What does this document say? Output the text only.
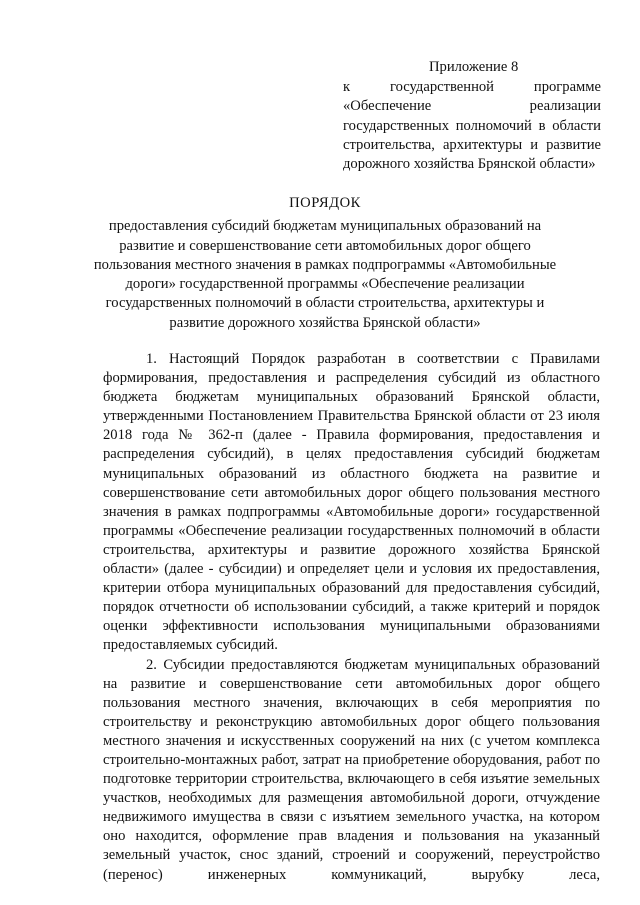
Приложение 8
к государственной программе «Обеспечение реализации государственных полномочий в области строительства, архитектуры и развитие дорожного хозяйства Брянской области»
ПОРЯДОК

предоставления субсидий бюджетам муниципальных образований на развитие и совершенствование сети автомобильных дорог общего пользования местного значения в рамках подпрограммы «Автомобильные дороги» государственной программы «Обеспечение реализации государственных полномочий в области строительства, архитектуры и развитие дорожного хозяйства Брянской области»

1. Настоящий Порядок разработан в соответствии с Правилами формирования, предоставления и распределения субсидий из областного бюджета бюджетам муниципальных образований Брянской области, утвержденными Постановлением Правительства Брянской области от 23 июля 2018 года № 362-п (далее - Правила формирования, предоставления и распределения субсидий), в целях предоставления субсидий бюджетам муниципальных образований из областного бюджета на развитие и совершенствование сети автомобильных дорог общего пользования местного значения в рамках подпрограммы «Автомобильные дороги» государственной программы «Обеспечение реализации государственных полномочий в области строительства, архитектуры и развитие дорожного хозяйства Брянской области» (далее - субсидии) и определяет цели и условия их предоставления, критерии отбора муниципальных образований для предоставления субсидий, порядок отчетности об использовании субсидий, а также критерий и порядок оценки эффективности использования муниципальными образованиями предоставляемых субсидий.

2. Субсидии предоставляются бюджетам муниципальных образований на развитие и совершенствование сети автомобильных дорог общего пользования местного значения, включающих в себя мероприятия по строительству и реконструкцию автомобильных дорог общего пользования местного значения и искусственных сооружений на них (с учетом комплекса строительно-монтажных работ, затрат на приобретение оборудования, работ по подготовке территории строительства, включающего в себя изъятие земельных участков, необходимых для размещения автомобильной дороги, отчуждение недвижимого имущества в связи с изъятием земельного участка, на котором оно находится, оформление прав владения и пользования на указанный земельный участок, снос зданий, строений и сооружений, переустройство (перенос) инженерных коммуникаций, вырубку леса,
